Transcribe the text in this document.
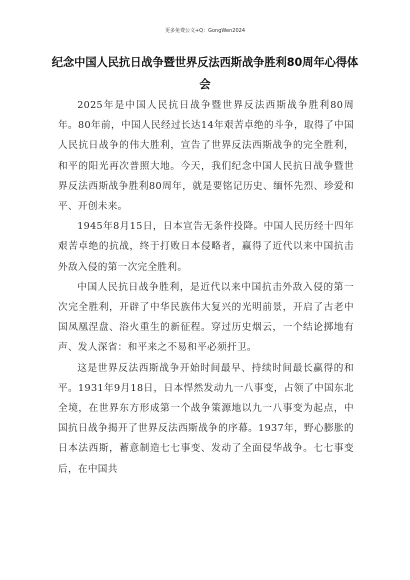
更多免费公文+Q：GongWen2024
纪念中国人民抗日战争暨世界反法西斯战争胜利80周年心得体会

2025年是中国人民抗日战争暨世界反法西斯战争胜利80周年。80年前，中国人民经过长达14年艰苦卓绝的斗争，取得了中国人民抗日战争的伟大胜利，宣告了世界反法西斯战争的完全胜利，和平的阳光再次普照大地。今天，我们纪念中国人民抗日战争暨世界反法西斯战争胜利80周年，就是要铭记历史、缅怀先烈、珍爱和平、开创未来。

1945年8月15日，日本宣告无条件投降。中国人民历经十四年艰苦卓绝的抗战，终于打败日本侵略者，赢得了近代以来中国抗击外敌入侵的第一次完全胜利。

中国人民抗日战争胜利，是近代以来中国抗击外敌入侵的第一次完全胜利，开辟了中华民族伟大复兴的光明前景，开启了古老中国凤凰涅盘、浴火重生的新征程。穿过历史烟云，一个结论掷地有声、发人深省：和平来之不易和平必须扞卫。

这是世界反法西斯战争开始时间最早、持续时间最长赢得的和平。1931年9月18日，日本悍然发动九一八事变，占领了中国东北全境，在世界东方形成第一个战争策源地以九一八事变为起点，中国抗日战争揭开了世界反法西斯战争的序幕。1937年，野心膨胀的日本法西斯，蓄意制造七七事变、发动了全面侵华战争。七七事变后，在中国共
